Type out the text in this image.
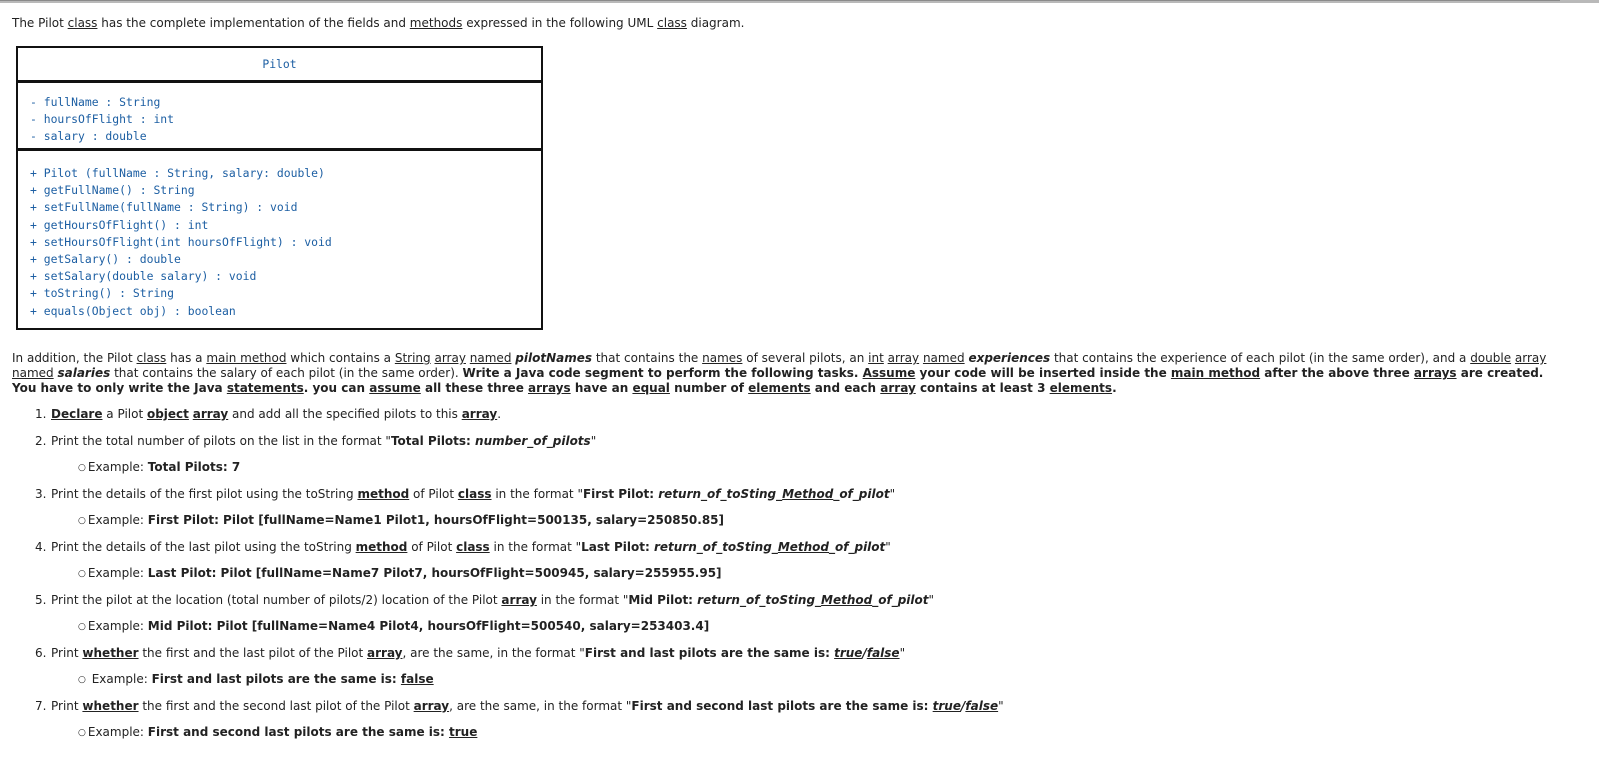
The Pilot class has the complete implementation of the fields and methods expressed in the following UML class diagram.

Pilot
- fullName : String
- hoursOfFlight : int
- salary : double
+ Pilot (fullName : String, salary: double)
+ getFullName() : String
+ setFullName(fullName : String) : void
+ getHoursOfFlight() : int
+ setHoursOfFlight(int hoursOfFlight) : void
+ getSalary() : double
+ setSalary(double salary) : void
+ toString() : String
+ equals(Object obj) : boolean

In addition, the Pilot class has a main method which contains a String array named pilotNames that contains the names of several pilots, an int array named experiences that contains the experience of each pilot (in the same order), and a double array named salaries that contains the salary of each pilot (in the same order). Write a Java code segment to perform the following tasks. Assume your code will be inserted inside the main method after the above three arrays are created. You have to only write the Java statements. you can assume all these three arrays have an equal number of elements and each array contains at least 3 elements.

1. Declare a Pilot object array and add all the specified pilots to this array.
2. Print the total number of pilots on the list in the format "Total Pilots: number_of_pilots"
○ Example: Total Pilots: 7
3. Print the details of the first pilot using the toString method of Pilot class in the format "First Pilot: return_of_toSting_Method_of_pilot"
○ Example: First Pilot: Pilot [fullName=Name1 Pilot1, hoursOfFlight=500135, salary=250850.85]
4. Print the details of the last pilot using the toString method of Pilot class in the format "Last Pilot: return_of_toSting_Method_of_pilot"
○ Example: Last Pilot: Pilot [fullName=Name7 Pilot7, hoursOfFlight=500945, salary=255955.95]
5. Print the pilot at the location (total number of pilots/2) location of the Pilot array in the format "Mid Pilot: return_of_toSting_Method_of_pilot"
○ Example: Mid Pilot: Pilot [fullName=Name4 Pilot4, hoursOfFlight=500540, salary=253403.4]
6. Print whether the first and the last pilot of the Pilot array, are the same, in the format "First and last pilots are the same is: true/false"
○ Example: First and last pilots are the same is: false
7. Print whether the first and the second last pilot of the Pilot array, are the same, in the format "First and second last pilots are the same is: true/false"
○ Example: First and second last pilots are the same is: true
